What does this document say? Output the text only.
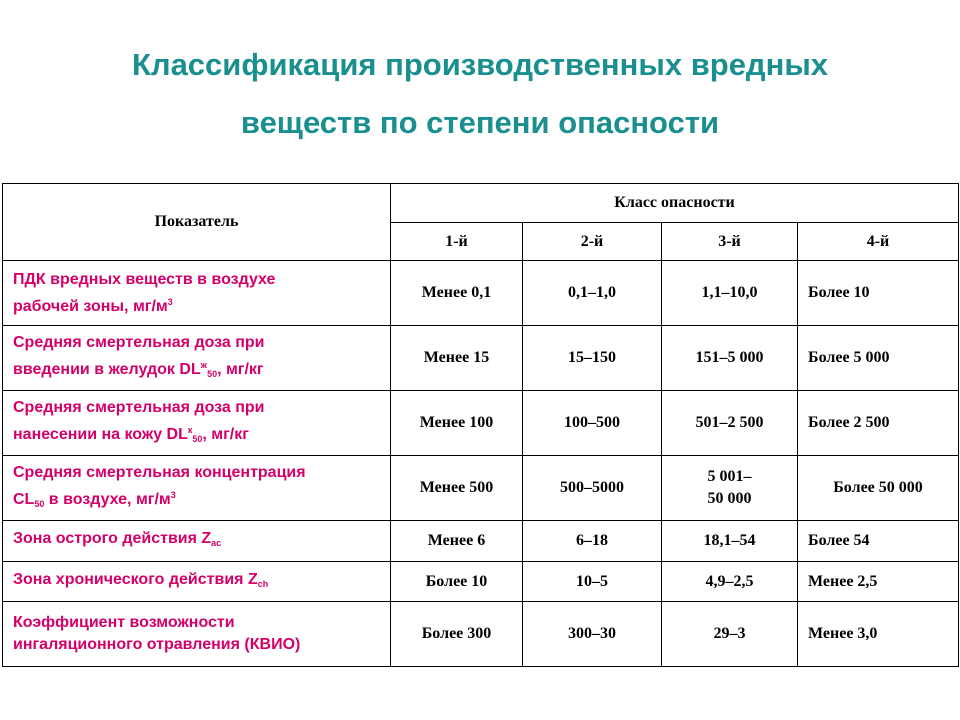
Классификация производственных вредных
веществ по степени опасности
Показатель	Класс опасности			
	1-й	2-й	3-й	4-й
ПДК вредных веществ в воздухе
рабочей зоны, $мг/м^3$	Менее 0,1	0,1–1,0	1,1–10,0	Более 10
Средняя смертельная доза при
введении в желудок $DL^ж_{50}$, мг/кг	Менее 15	15–150	151–5 000	Более 5 000
Средняя смертельная доза при
нанесении на кожу $DL^к_{50}$, мг/кг	Менее 100	100–500	501–2 500	Более 2 500
Средняя смертельная концентрация
$CL_{50}$ в воздухе, $мг/м^3$	Менее 500	500–5000	5 001–
50 000	Более 50 000
Зона острого действия $Z_{ac}$	Менее 6	6–18	18,1–54	Более 54
Зона хронического действия $Z_{ch}$	Более 10	10–5	4,9–2,5	Менее 2,5
Коэффициент возможности
ингаляционного отравления (КВИО)	Более 300	300–30	29–3	Менее 3,0
